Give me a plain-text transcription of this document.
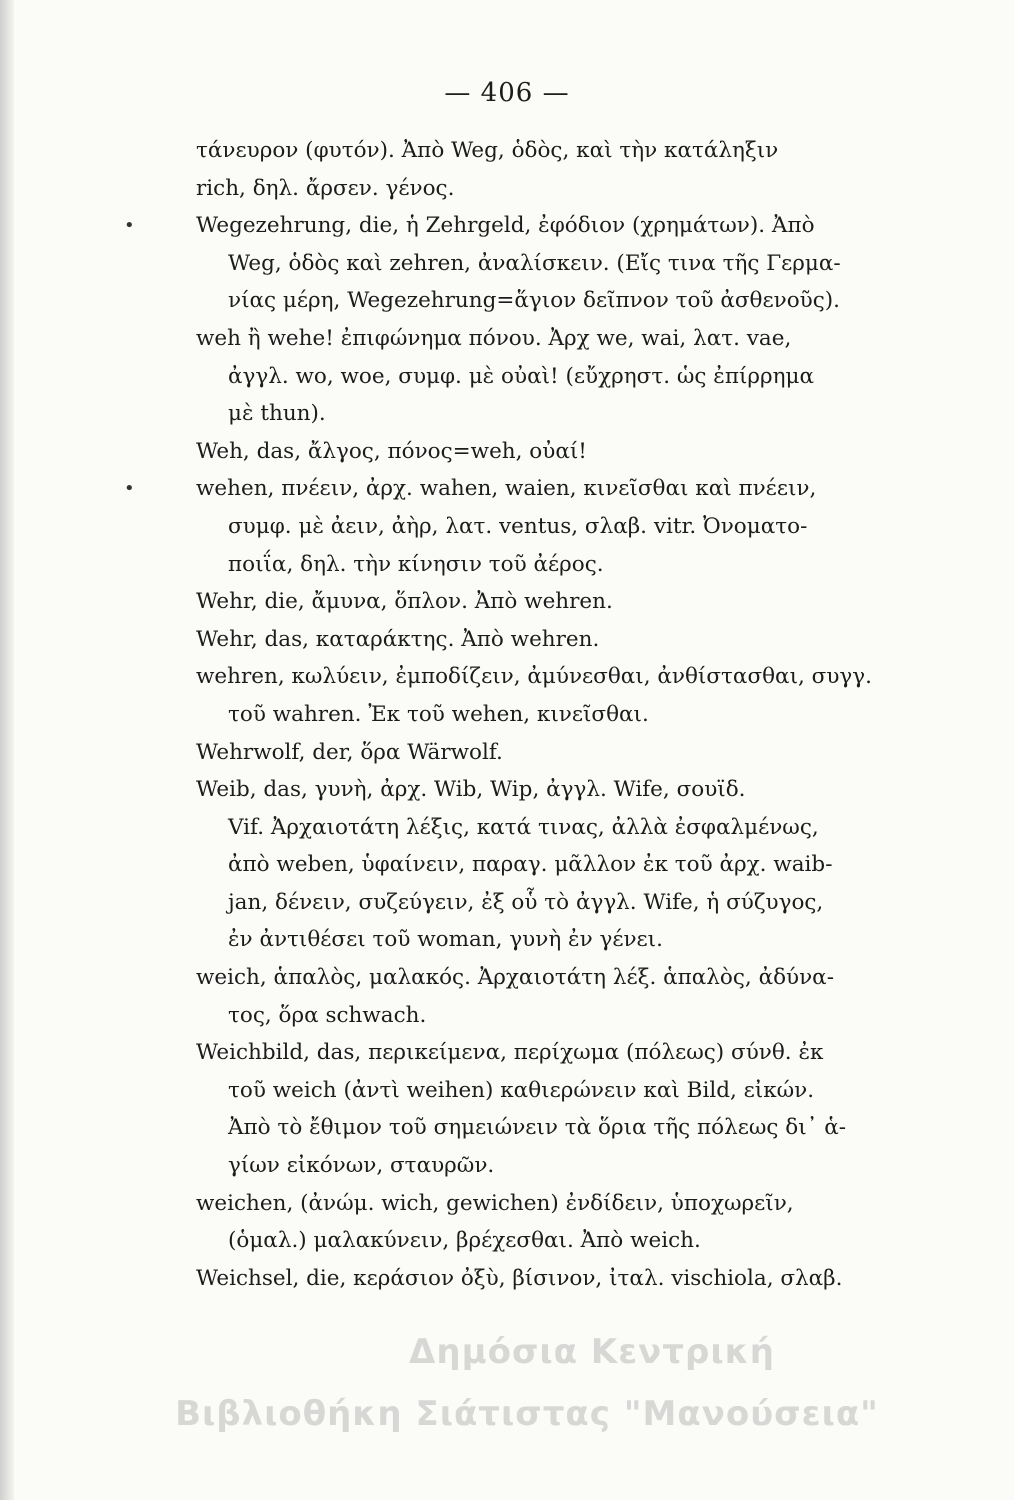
— 406 —
τάνευρον (φυτόν). Ἀπὸ Weg, ὁδὸς, καὶ τὴν κατάληξιν
rich, δηλ. ἄρσεν. γένος.
Wegezehrung, die, ἡ Zehrgeld, ἐφόδιον (χρημάτων). Ἀπὸ
•
Weg, ὁδὸς καὶ zehren, ἀναλίσκειν. (Εἴς τινα τῆς Γερμα-
νίας μέρη, Wegezehrung=ἅγιον δεῖπνον τοῦ ἀσθενοῦς).
weh ἢ wehe! ἐπιφώνημα πόνου. Ἀρχ we, wai, λατ. vae,
ἀγγλ. wo, woe, συμφ. μὲ οὐαὶ! (εὔχρηστ. ὡς ἐπίρρημα
μὲ thun).
Weh, das, ἄλγος, πόνος=weh, οὐαί!
wehen, πνέειν, ἀρχ. wahen, waien, κινεῖσθαι καὶ πνέειν,
•
συμφ. μὲ ἀειν, ἀὴρ, λατ. ventus, σλαβ. vitr. Ὀνοματο-
ποιΐα, δηλ. τὴν κίνησιν τοῦ ἀέρος.
Wehr, die, ἄμυνα, ὅπλον. Ἀπὸ wehren.
Wehr, das, καταράκτης. Ἀπὸ wehren.
wehren, κωλύειν, ἐμποδίζειν, ἀμύνεσθαι, ἀνθίστασθαι, συγγ.
τοῦ wahren. Ἐκ τοῦ wehen, κινεῖσθαι.
Wehrwolf, der, ὅρα Wärwolf.
Weib, das, γυνὴ, ἀρχ. Wib, Wip, ἀγγλ. Wife, σουϊδ.
Vif. Ἀρχαιοτάτη λέξις, κατά τινας, ἀλλὰ ἐσφαλμένως,
ἀπὸ weben, ὑφαίνειν, παραγ. μᾶλλον ἐκ τοῦ ἀρχ. waib-
jan, δένειν, συζεύγειν, ἐξ οὗ τὸ ἀγγλ. Wife, ἡ σύζυγος,
ἐν ἀντιθέσει τοῦ woman, γυνὴ ἐν γένει.
weich, ἁπαλὸς, μαλακός. Ἀρχαιοτάτη λέξ. ἁπαλὸς, ἀδύνα-
τος, ὅρα schwach.
Weichbild, das, περικείμενα, περίχωμα (πόλεως) σύνθ. ἐκ
τοῦ weich (ἀντὶ weihen) καθιερώνειν καὶ Bild, εἰκών.
Ἀπὸ τὸ ἔθιμον τοῦ σημειώνειν τὰ ὅρια τῆς πόλεως δι᾿ ἁ-
γίων εἰκόνων, σταυρῶν.
weichen, (ἀνώμ. wich, gewichen) ἐνδίδειν, ὑποχωρεῖν,
(ὁμαλ.) μαλακύνειν, βρέχεσθαι. Ἀπὸ weich.
Weichsel, die, κεράσιον ὀξὺ, βίσινον, ἰταλ. vischiola, σλαβ.
Δημόσια Κεντρική
Βιβλιοθήκη Σιάτιστας "Μανούσεια"
